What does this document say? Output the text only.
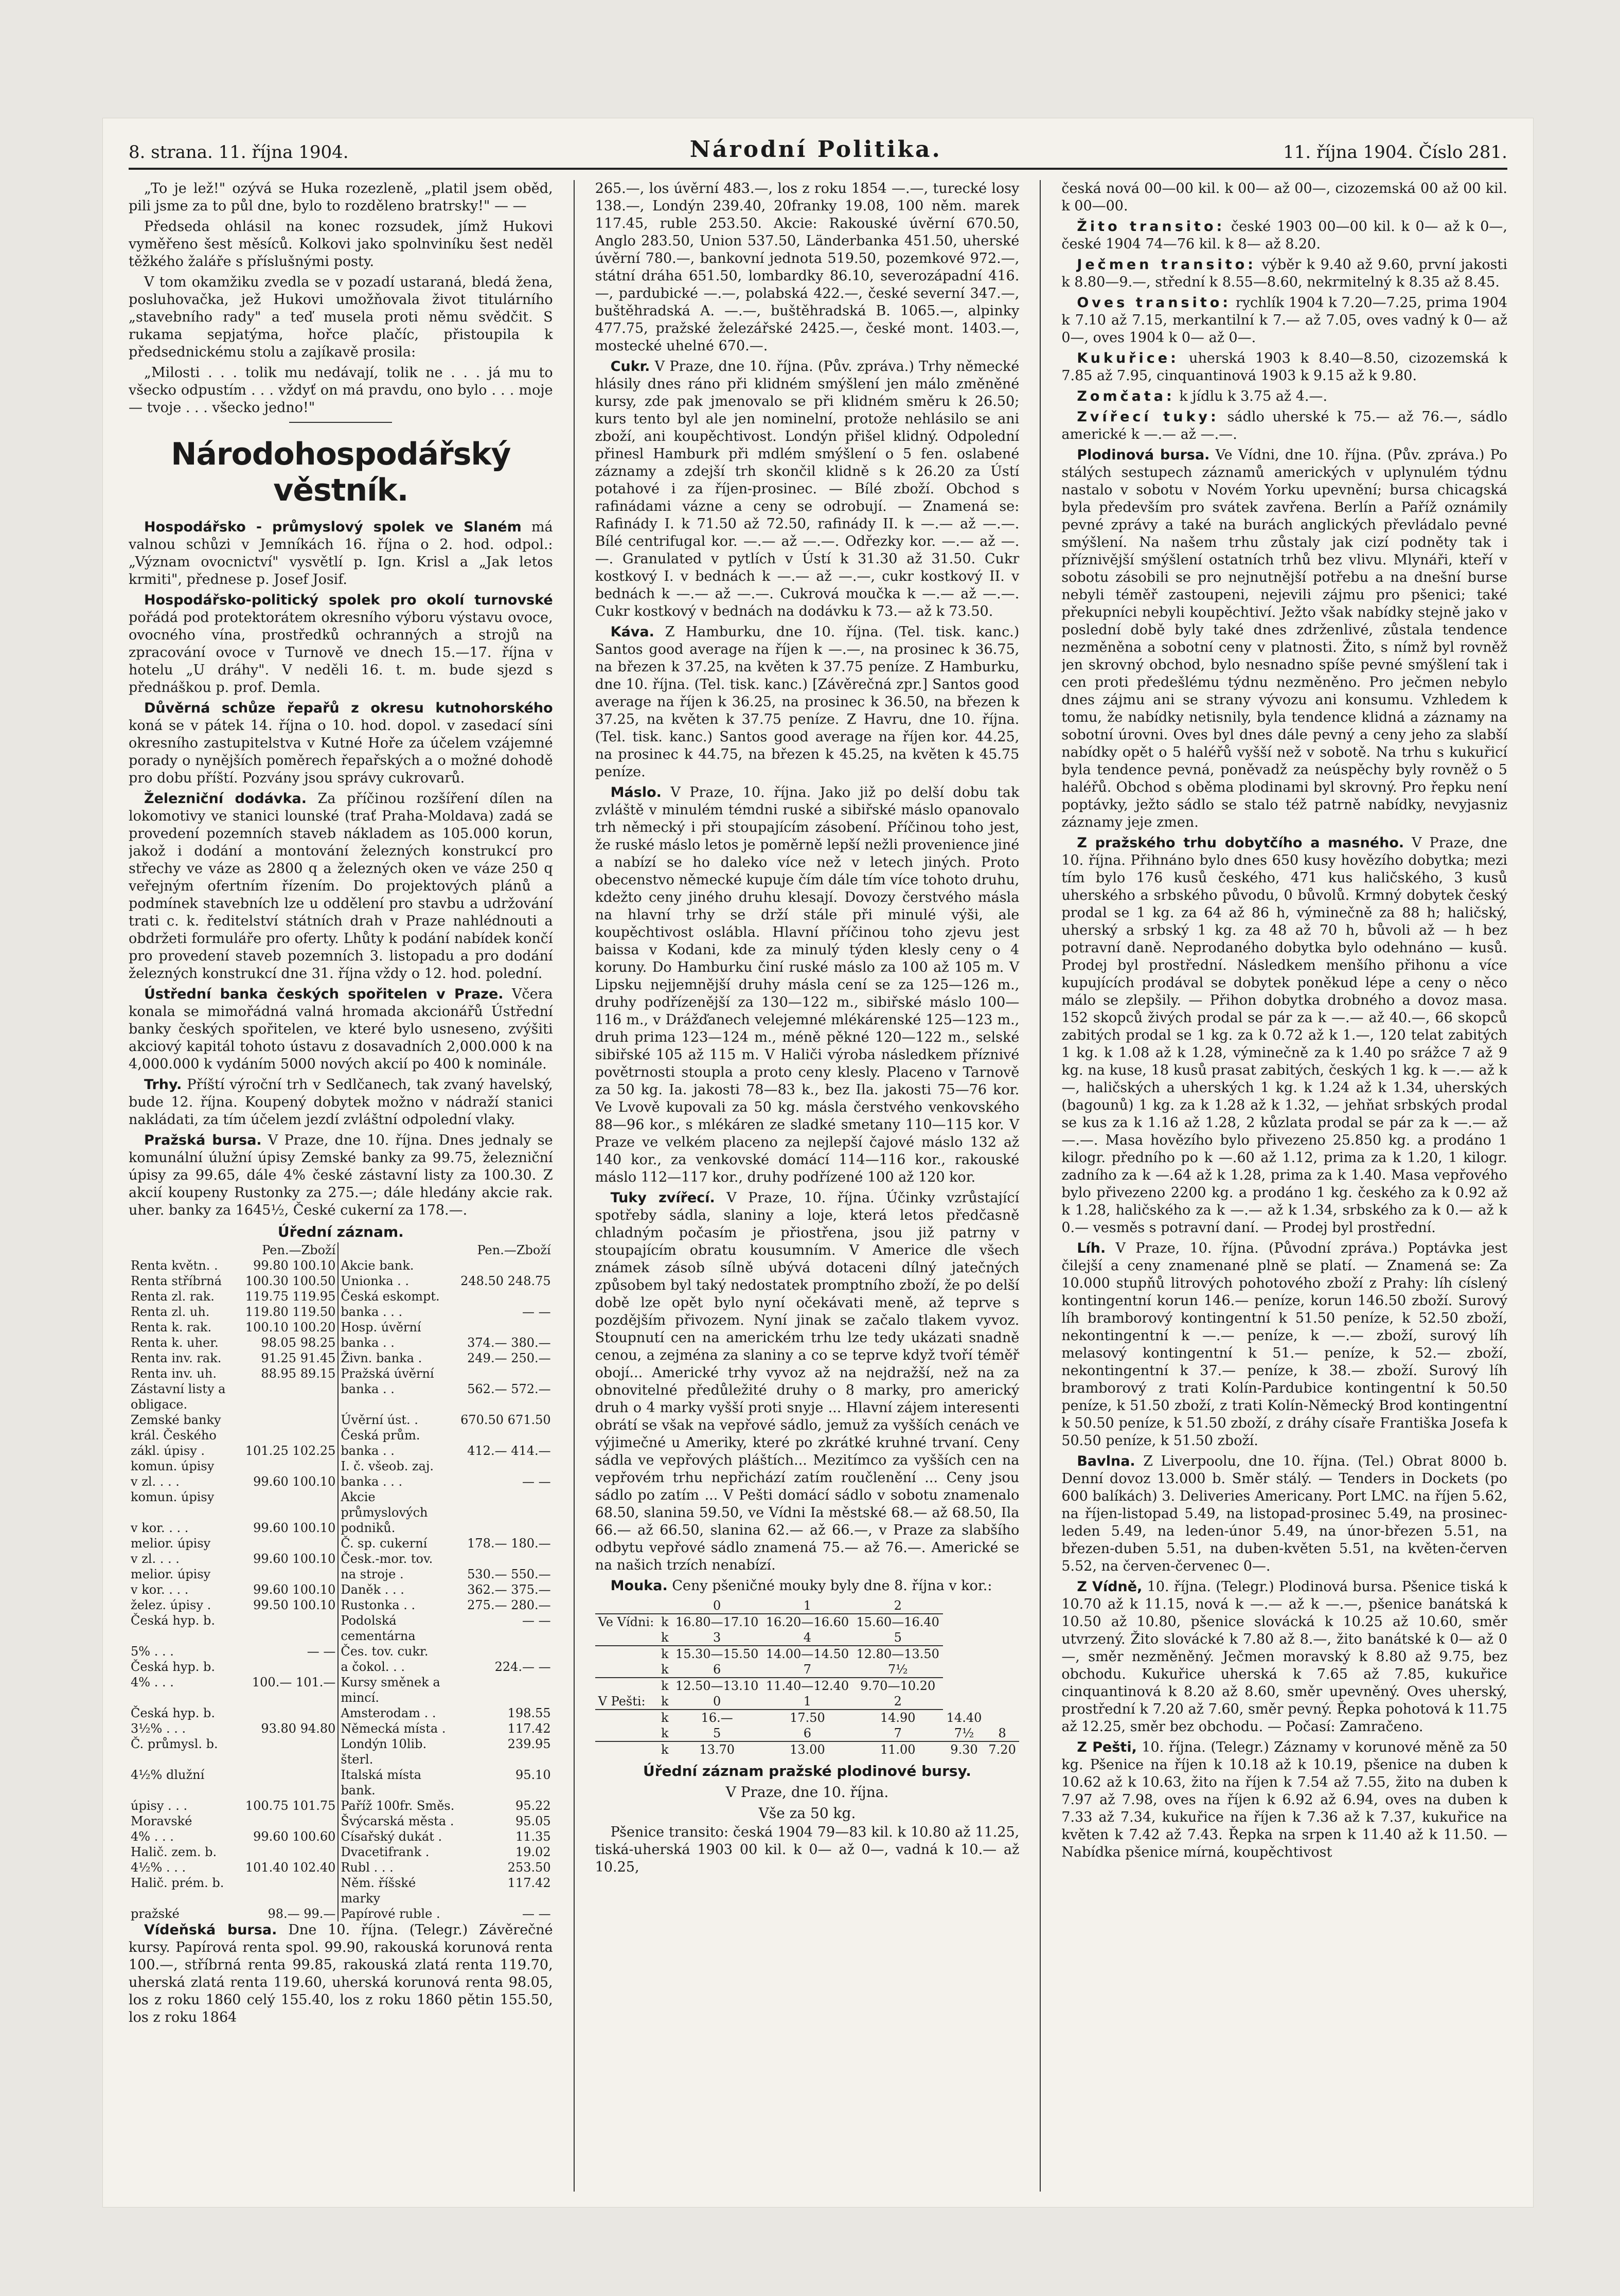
8. strana. 11. října 1904.	Národní Politika.	11. října 1904. Číslo 281.

„To je lež!" ozývá se Huka rozezleně, „platil jsem oběd, pili jsme za to půl dne, bylo to rozděleno bratrsky!" — —

Předseda ohlásil na konec rozsudek, jímž Hukovi vyměřeno šest měsíců. Kolkovi jako spolnviníku šest neděl těžkého žaláře s příslušnými posty.

V tom okamžiku zvedla se v pozadí ustaraná, bledá žena, posluhovačka, jež Hukovi umožňovala život titulárního „stavebního rady" a teď musela proti němu svědčit. S rukama sepjatýma, hořce plačíc, přistoupila k předsednickému stolu a zajíkavě prosila:

„Milosti . . . tolik mu nedávají, tolik ne . . . já mu to všecko odpustím . . . vždyť on má pravdu, ono bylo . . . moje — tvoje . . . všecko jedno!"

Národohospodářský věstník.

Hospodářsko - průmyslový spolek ve Slaném má valnou schůzi v Jemníkách 16. října o 2. hod. odpol.: „Význam ovocnictví" vysvětlí p. Ign. Krisl a „Jak letos krmiti", přednese p. Josef Josif.

Hospodářsko-politický spolek pro okolí turnovské pořádá pod protektorátem okresního výboru výstavu ovoce, ovocného vína, prostředků ochranných a strojů na zpracování ovoce v Turnově ve dnech 15.—17. října v hotelu „U dráhy". V neděli 16. t. m. bude sjezd s přednáškou p. prof. Demla.

Důvěrná schůze řepařů z okresu kutnohorského koná se v pátek 14. října o 10. hod. dopol. v zasedací síni okresního zastupitelstva v Kutné Hoře za účelem vzájemné porady o nynějších poměrech řepařských a o možné dohodě pro dobu příští. Pozvány jsou správy cukrovarů.

Železniční dodávka. Za příčinou rozšíření dílen na lokomotivy ve stanici lounské (trať Praha-Moldava) zadá se provedení pozemních staveb nákladem as 105.000 korun, jakož i dodání a montování železných konstrukcí pro střechy ve váze as 2800 q a železných oken ve váze 250 q veřejným ofertním řízením. Do projektových plánů a podmínek stavebních lze u oddělení pro stavbu a udržování trati c. k. ředitelství státních drah v Praze nahlédnouti a obdržeti formuláře pro oferty. Lhůty k podání nabídek končí pro provedení staveb pozemních 3. listopadu a pro dodání železných konstrukcí dne 31. října vždy o 12. hod. polední.

Ústřední banka českých spořitelen v Praze. Včera konala se mimořádná valná hromada akcionářů Ústřední banky českých spořitelen, ve které bylo usneseno, zvýšiti akciový kapitál tohoto ústavu z dosavadních 2,000.000 k na 4,000.000 k vydáním 5000 nových akcií po 400 k nominále.

Trhy. Příští výroční trh v Sedlčanech, tak zvaný havelský, bude 12. října. Koupený dobytek možno v nádraží stanici nakládati, za tím účelem jezdí zvláštní odpolední vlaky.

Pražská bursa. V Praze, dne 10. října. Dnes jednaly se komunální úlužní úpisy Zemské banky za 99.75, železniční úpisy za 99.65, dále 4% české zástavní listy za 100.30. Z akcií koupeny Rustonky za 275.—; dále hledány akcie rak. uher. banky za 1645½, České cukerní za 178.—.

Úřední záznam.
	Pen.—Zboží		Pen.—Zboží
Renta květn. .	99.80 100.10	Akcie bank.	
Renta stříbrná	100.30 100.50	Unionka . .	248.50 248.75
Renta zl. rak.	119.75 119.95	Česká eskompt.	
Renta zl. uh.	119.80 119.50	banka . . .	— —
Renta k. rak.	100.10 100.20	Hosp. úvěrní	
Renta k. uher.	98.05 98.25	banka . .	374.— 380.—
Renta inv. rak.	91.25 91.45	Živn. banka .	249.— 250.—
Renta inv. uh.	88.95 89.15	Pražská úvěrní	
Zástavní listy a obligace.		banka . .	562.— 572.—
Zemské banky		Úvěrní úst. .	670.50 671.50
král. Českého		Česká prům.	
zákl. úpisy .	101.25 102.25	banka . .	412.— 414.—
komun. úpisy		I. č. všeob. zaj.	
v zl. . . .	99.60 100.10	banka . . .	— —
komun. úpisy		Akcie průmyslových	
v kor. . . .	99.60 100.10	podniků.	
melior. úpisy		Č. sp. cukerní	178.— 180.—
v zl. . . .	99.60 100.10	Česk.-mor. tov.	
melior. úpisy		na stroje .	530.— 550.—
v kor. . . .	99.60 100.10	Daněk . . .	362.— 375.—
želez. úpisy .	99.50 100.10	Rustonka . .	275.— 280.—
Česká hyp. b.		Podolská cementárna	— —
5% . . .	— —	Čes. tov. cukr.	
Česká hyp. b.		a čokol. . .	224.— —
4% . . .	100.— 101.—	Kursy směnek a mincí.	
Česká hyp. b.		Amsterodam . .	198.55
3½% . . .	93.80 94.80	Německá místa .	117.42
Č. průmysl. b.		Londýn 10lib. šterl.	239.95
4½% dlužní		Italská místa bank.	95.10
úpisy . . .	100.75 101.75	Paříž 100fr. Směs.	95.22
Moravské		Švýcarská města .	95.05
4% . . .	99.60 100.60	Císařský dukát .	11.35
Halič. zem. b.		Dvacetifrank .	19.02
4½% . . .	101.40 102.40	Rubl . . .	253.50
Halič. prém. b.		Něm. říšské marky	117.42
pražské	98.— 99.—	Papírové ruble .	— —

Vídeňská bursa. Dne 10. října. (Telegr.) Závěrečné kursy. Papírová renta spol. 99.90, rakouská korunová renta 100.—, stříbrná renta 99.85, rakouská zlatá renta 119.70, uherská zlatá renta 119.60, uherská korunová renta 98.05, los z roku 1860 celý 155.40, los z roku 1860 pětin 155.50, los z roku 1864

265.—, los úvěrní 483.—, los z roku 1854 —.—, turecké losy 138.—, Londýn 239.40, 20franky 19.08, 100 něm. marek 117.45, ruble 253.50. Akcie: Rakouské úvěrní 670.50, Anglo 283.50, Union 537.50, Länderbanka 451.50, uherské úvěrní 780.—, bankovní jednota 519.50, pozemkové 972.—, státní dráha 651.50, lombardky 86.10, severozápadní 416.—, pardubické —.—, polabská 422.—, české severní 347.—, buštěhradská A. —.—, buštěhradská B. 1065.—, alpinky 477.75, pražské železářské 2425.—, české mont. 1403.—, mostecké uhelné 670.—.

Cukr. V Praze, dne 10. října. (Pův. zpráva.) Trhy německé hlásily dnes ráno při klidném smýšlení jen málo změněné kursy, zde pak jmenovalo se při klidném směru k 26.50; kurs tento byl ale jen nominelní, protože nehlásilo se ani zboží, ani koupěchtivost. Londýn přišel klidný. Odpolední přinesl Hamburk při mdlém smýšlení o 5 fen. oslabené záznamy a zdejší trh skončil klidně s k 26.20 za Ústí potahové i za říjen-prosinec. — Bílé zboží. Obchod s rafinádami vázne a ceny se odrobují. — Znamená se: Rafinády I. k 71.50 až 72.50, rafinády II. k —.— až —.—. Bílé centrifugal kor. —.— až —.—. Odřezky kor. —.— až —.—. Granulated v pytlích v Ústí k 31.30 až 31.50. Cukr kostkový I. v bednách k —.— až —.—, cukr kostkový II. v bednách k —.— až —.—. Cukrová moučka k —.— až —.—. Cukr kostkový v bednách na dodávku k 73.— až k 73.50.

Káva. Z Hamburku, dne 10. října. (Tel. tisk. kanc.) Santos good average na říjen k —.—, na prosinec k 36.75, na březen k 37.25, na květen k 37.75 peníze. Z Hamburku, dne 10. října. (Tel. tisk. kanc.) [Závěrečná zpr.] Santos good average na říjen k 36.25, na prosinec k 36.50, na březen k 37.25, na květen k 37.75 peníze. Z Havru, dne 10. října. (Tel. tisk. kanc.) Santos good average na říjen kor. 44.25, na prosinec k 44.75, na březen k 45.25, na květen k 45.75 peníze.

Máslo. V Praze, 10. října. Jako již po delší dobu tak zvláště v minulém témdni ruské a sibiřské máslo opanovalo trh německý i při stoupajícím zásobení. Příčinou toho jest, že ruské máslo letos je poměrně lepší nežli provenience jiné a nabízí se ho daleko více než v letech jiných. Proto obecenstvo německé kupuje čím dále tím více tohoto druhu, kdežto ceny jiného druhu klesají. Dovozy čerstvého másla na hlavní trhy se drží stále při minulé výši, ale koupěchtivost oslábla. Hlavní příčinou toho zjevu jest baissa v Kodani, kde za minulý týden klesly ceny o 4 koruny. Do Hamburku činí ruské máslo za 100 až 105 m. V Lipsku nejjemnější druhy másla cení se za 125—126 m., druhy podřízenější za 130—122 m., sibiřské máslo 100—116 m., v Drážďanech velejemné mlékárenské 125—123 m., druh prima 123—124 m., méně pěkné 120—122 m., selské sibiřské 105 až 115 m. V Haliči výroba následkem příznivé povětrnosti stoupla a proto ceny klesly. Placeno v Tarnově za 50 kg. Ia. jakosti 78—83 k., bez Ila. jakosti 75—76 kor. Ve Lvově kupovali za 50 kg. másla čerstvého venkovského 88—96 kor., s mlékáren ze sladké smetany 110—115 kor. V Praze ve velkém placeno za nejlepší čajové máslo 132 až 140 kor., za venkovské domácí 114—116 kor., rakouské máslo 112—117 kor., druhy podřízené 100 až 120 kor.

Tuky zvířecí. V Praze, 10. října. Účinky vzrůstající spotřeby sádla, slaniny a loje, která letos předčasně chladným počasím je přiostřena, jsou již patrny v stoupajícím obratu kousumním. V Americe dle všech známek zásob sílně ubývá dotaceni dílný jatečných způsobem byl taký nedostatek promptního zboží, že po delší době lze opět bylo nyní očekávati meně, až teprve s pozdějším přivozem. Nyní jinak se začalo tlakem vyvoz. Stoupnutí cen na americkém trhu lze tedy ukázati snadně cenou, a zejména za slaniny a co se teprve když tvoří téměř obojí... Americké trhy vyvoz až na nejdražší, než na za obnovitelné předůležité druhy o 8 marky, pro americký druh o 4 marky vyšší proti snyje ... Hlavní zájem interesenti obrátí se však na vepřové sádlo, jemuž za vyšších cenách ve výjimečné u Ameriky, které po zkrátké kruhné trvaní. Ceny sádla ve vepřových pláštích... Mezitímco za vyšších cen na vepřovém trhu nepřichází zatím roučlenění ... Ceny jsou sádlo po zatím ... V Pešti domácí sádlo v sobotu znamenalo 68.50, slanina 59.50, ve Vídni Ia městské 68.— až 68.50, Ila 66.— až 66.50, slanina 62.— až 66.—, v Praze za slabšího odbytu vepřové sádlo znamená 75.— až 76.—. Americké se na našich trzích nenabízí.

Mouka. Ceny pšeničné mouky byly dne 8. října v kor.:

		0	1	2		
Ve Vídni:	k	16.80—17.10	16.20—16.60	15.60—16.40		
	k	3	4	5		
	k	15.30—15.50	14.00—14.50	12.80—13.50		
	k	6	7	7½		
	k	12.50—13.10	11.40—12.40	9.70—10.20		
V Pešti:	k	0	1	2		
	k	16.—	17.50	14.90	14.40	
	k	5	6	7	7½	8
	k	13.70	13.00	11.00	9.30	7.20
Úřední záznam pražské plodinové bursy.
V Praze, dne 10. října.
Vše za 50 kg.

Pšenice transito: česká 1904 79—83 kil. k 10.80 až 11.25, tiská-uherská 1903 00 kil. k 0— až 0—, vadná k 10.— až 10.25,

česká nová 00—00 kil. k 00— až 00—, cizozemská 00 až 00 kil. k 00—00.

Žito transito: české 1903 00—00 kil. k 0— až k 0—, české 1904 74—76 kil. k 8— až 8.20.

Ječmen transito: výběr k 9.40 až 9.60, první jakosti k 8.80—9.—, střední k 8.55—8.60, nekrmitelný k 8.35 až 8.45.

Oves transito: rychlík 1904 k 7.20—7.25, prima 1904 k 7.10 až 7.15, merkantilní k 7.— až 7.05, oves vadný k 0— až 0—, oves 1904 k 0— až 0—.

Kukuřice: uherská 1903 k 8.40—8.50, cizozemská k 7.85 až 7.95, cinquantinová 1903 k 9.15 až k 9.80.

Zomčata: k jídlu k 3.75 až 4.—.

Zvířecí tuky: sádlo uherské k 75.— až 76.—, sádlo americké k —.— až —.—.

Plodinová bursa. Ve Vídni, dne 10. října. (Pův. zpráva.) Po stálých sestupech záznamů amerických v uplynulém týdnu nastalo v sobotu v Novém Yorku upevnění; bursa chicagská byla především pro svátek zavřena. Berlín a Paříž oznámily pevné zprávy a také na burách anglických převládalo pevné smýšlení. Na našem trhu zůstaly jak cizí podněty tak i příznivější smýšlení ostatních trhů bez vlivu. Mlynáři, kteří v sobotu zásobili se pro nejnutnější potřebu a na dnešní burse nebyli téměř zastoupeni, nejevili zájmu pro pšenici; také překupníci nebyli koupěchtiví. Ježto však nabídky stejně jako v poslední době byly také dnes zdrženlivé, zůstala tendence nezměněna a sobotní ceny v platnosti. Žito, s nímž byl rovněž jen skrovný obchod, bylo nesnadno spíše pevné smýšlení tak i cen proti předešlému týdnu nezměněno. Pro ječmen nebylo dnes zájmu ani se strany vývozu ani konsumu. Vzhledem k tomu, že nabídky netisnily, byla tendence klidná a záznamy na sobotní úrovni. Oves byl dnes dále pevný a ceny jeho za slabší nabídky opět o 5 haléřů vyšší než v sobotě. Na trhu s kukuřicí byla tendence pevná, poněvadž za neúspěchy byly rovněž o 5 haléřů. Obchod s oběma plodinami byl skrovný. Pro řepku není poptávky, ježto sádlo se stalo též patrně nabídky, nevyjasniz záznamy jeje zmen.

Z pražského trhu dobytčího a masného. V Praze, dne 10. října. Přihnáno bylo dnes 650 kusy hovězího dobytka; mezi tím bylo 176 kusů českého, 471 kus haličského, 3 kusů uherského a srbského původu, 0 bůvolů. Krmný dobytek český prodal se 1 kg. za 64 až 86 h, výminečně za 88 h; haličský, uherský a srbský 1 kg. za 48 až 70 h, bůvoli až — h bez potravní daně. Neprodaného dobytka bylo odehnáno — kusů. Prodej byl prostřední. Následkem menšího přihonu a více kupujících prodával se dobytek poněkud lépe a ceny o něco málo se zlepšily. — Přihon dobytka drobného a dovoz masa. 152 skopců živých prodal se pár za k —.— až 40.—, 66 skopců zabitých prodal se 1 kg. za k 0.72 až k 1.—, 120 telat zabitých 1 kg. k 1.08 až k 1.28, výminečně za k 1.40 po srážce 7 až 9 kg. na kuse, 18 kusů prasat zabitých, českých 1 kg. k —.— až k —, haličských a uherských 1 kg. k 1.24 až k 1.34, uherských (bagounů) 1 kg. za k 1.28 až k 1.32, — jehňat srbských prodal se kus za k 1.16 až 1.28, 2 kůzlata prodal se pár za k —.— až —.—. Masa hovězího bylo přivezeno 25.850 kg. a prodáno 1 kilogr. předního po k —.60 až 1.12, prima za k 1.20, 1 kilogr. zadního za k —.64 až k 1.28, prima za k 1.40. Masa vepřového bylo přivezeno 2200 kg. a prodáno 1 kg. českého za k 0.92 až k 1.28, haličského za k —.— až k 1.34, srbského za k 0.— až k 0.— vesměs s potravní daní. — Prodej byl prostřední.

Líh. V Praze, 10. října. (Původní zpráva.) Poptávka jest čilejší a ceny znamenané plně se platí. — Znamená se: Za 10.000 stupňů litrových pohotového zboží z Prahy: líh císlený kontingentní korun 146.— peníze, korun 146.50 zboží. Surový líh bramborový kontingentní k 51.50 peníze, k 52.50 zboží, nekontingentní k —.— peníze, k —.— zboží, surový líh melasový kontingentní k 51.— peníze, k 52.— zboží, nekontingentní k 37.— peníze, k 38.— zboží. Surový líh bramborový z trati Kolín-Pardubice kontingentní k 50.50 peníze, k 51.50 zboží, z trati Kolín-Německý Brod kontingentní k 50.50 peníze, k 51.50 zboží, z dráhy císaře Františka Josefa k 50.50 peníze, k 51.50 zboží.

Bavlna. Z Liverpoolu, dne 10. října. (Tel.) Obrat 8000 b. Denní dovoz 13.000 b. Směr stálý. — Tenders in Dockets (po 600 balíkách) 3. Deliveries Americany. Port LMC. na říjen 5.62, na říjen-listopad 5.49, na listopad-prosinec 5.49, na prosinec-leden 5.49, na leden-únor 5.49, na únor-březen 5.51, na březen-duben 5.51, na duben-květen 5.51, na květen-červen 5.52, na červen-červenec 0—.

Z Vídně, 10. října. (Telegr.) Plodinová bursa. Pšenice tiská k 10.70 až k 11.15, nová k —.— až k —.—, pšenice banátská k 10.50 až 10.80, pšenice slovácká k 10.25 až 10.60, směr utvrzený. Žito slovácké k 7.80 až 8.—, žito banátské k 0— až 0—, směr nezměněný. Ječmen moravský k 8.80 až 9.75, bez obchodu. Kukuřice uherská k 7.65 až 7.85, kukuřice cinquantinová k 8.20 až 8.60, směr upevněný. Oves uherský, prostřední k 7.20 až 7.60, směr pevný. Řepka pohotová k 11.75 až 12.25, směr bez obchodu. — Počasí: Zamračeno.

Z Pešti, 10. října. (Telegr.) Záznamy v korunové měně za 50 kg. Pšenice na říjen k 10.18 až k 10.19, pšenice na duben k 10.62 až k 10.63, žito na říjen k 7.54 až 7.55, žito na duben k 7.97 až 7.98, oves na říjen k 6.92 až 6.94, oves na duben k 7.33 až 7.34, kukuřice na říjen k 7.36 až k 7.37, kukuřice na květen k 7.42 až 7.43. Řepka na srpen k 11.40 až k 11.50. — Nabídka pšenice mírná, koupěchtivost
